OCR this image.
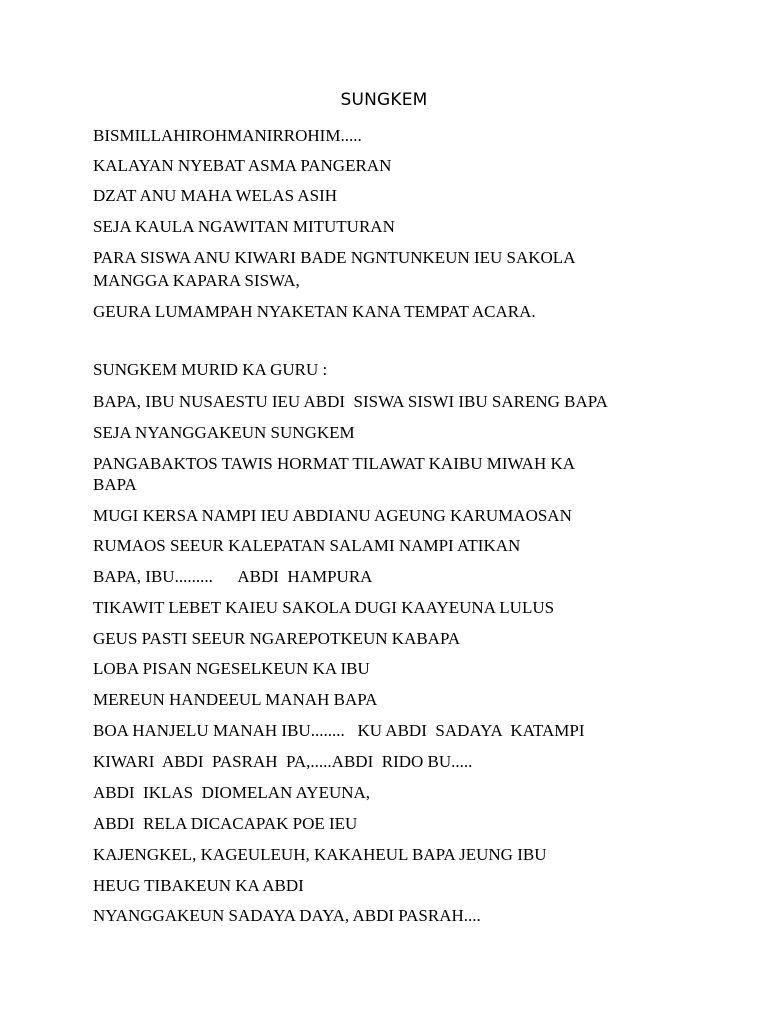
SUNGKEM
BISMILLAHIROHMANIRROHIM.....
KALAYAN NYEBAT ASMA PANGERAN
DZAT ANU MAHA WELAS ASIH
SEJA KAULA NGAWITAN MITUTURAN
PARA SISWA ANU KIWARI BADE NGNTUNKEUN IEU SAKOLA
MANGGA KAPARA SISWA,
GEURA LUMAMPAH NYAKETAN KANA TEMPAT ACARA.
SUNGKEM MURID KA GURU :
BAPA, IBU NUSAESTU IEU ABDI  SISWA SISWI IBU SARENG BAPA
SEJA NYANGGAKEUN SUNGKEM
PANGABAKTOS TAWIS HORMAT TILAWAT KAIBU MIWAH KA
BAPA
MUGI KERSA NAMPI IEU ABDIANU AGEUNG KARUMAOSAN
RUMAOS SEEUR KALEPATAN SALAMI NAMPI ATIKAN
BAPA, IBU.........      ABDI  HAMPURA
TIKAWIT LEBET KAIEU SAKOLA DUGI KAAYEUNA LULUS
GEUS PASTI SEEUR NGAREPOTKEUN KABAPA
LOBA PISAN NGESELKEUN KA IBU
MEREUN HANDEEUL MANAH BAPA
BOA HANJELU MANAH IBU........   KU ABDI  SADAYA  KATAMPI
KIWARI  ABDI  PASRAH  PA,.....ABDI  RIDO BU.....
ABDI  IKLAS  DIOMELAN AYEUNA,
ABDI  RELA DICACAPAK POE IEU
KAJENGKEL, KAGEULEUH, KAKAHEUL BAPA JEUNG IBU
HEUG TIBAKEUN KA ABDI
NYANGGAKEUN SADAYA DAYA, ABDI PASRAH....
